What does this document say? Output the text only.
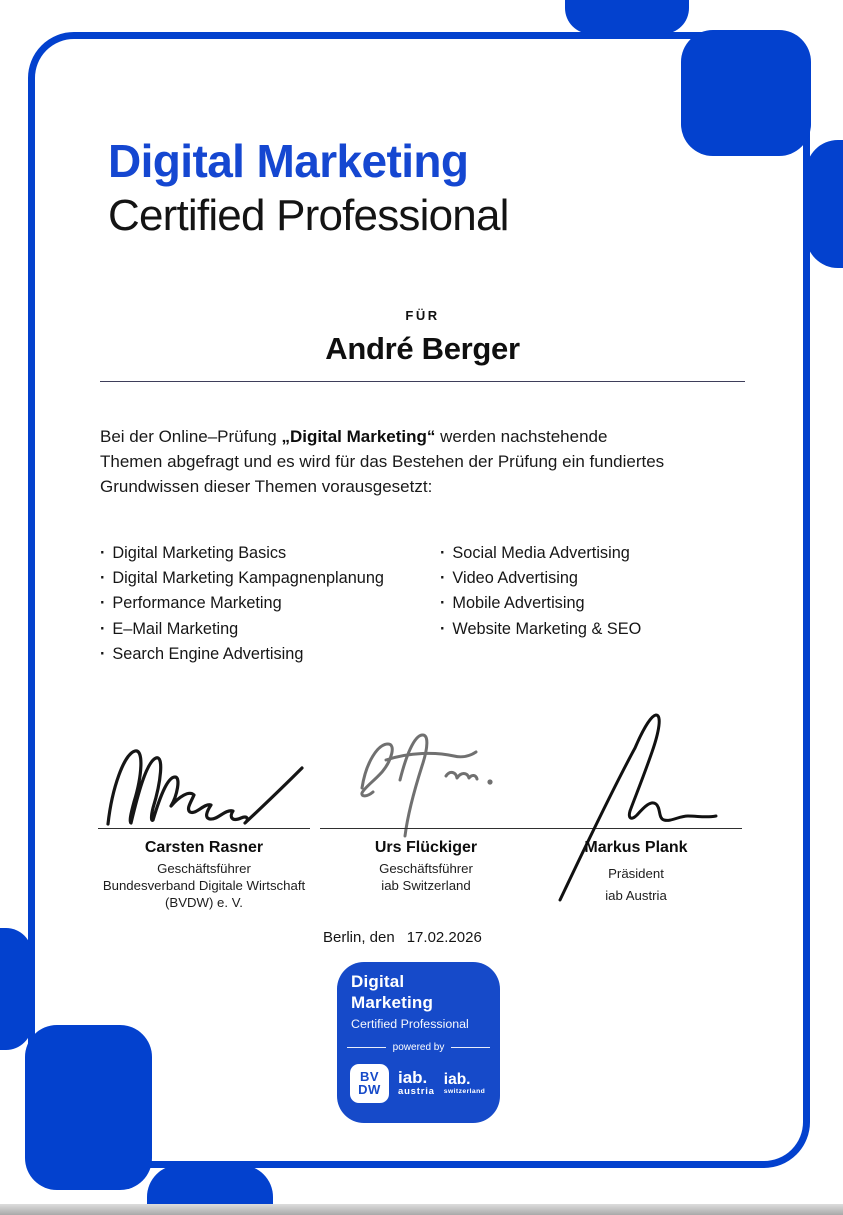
Digital Marketing
Certified Professional
FÜR
André Berger
Bei der Online–Prüfung „Digital Marketing“ werden nachstehende
Themen abgefragt und es wird für das Bestehen der Prüfung ein fundiertes
Grundwissen dieser Themen vorausgesetzt:
· Digital Marketing Basics
· Digital Marketing Kampagnenplanung
· Performance Marketing
· E–Mail Marketing
· Search Engine Advertising
· Social Media Advertising
· Video Advertising
· Mobile Advertising
· Website Marketing & SEO
Carsten Rasner
Geschäftsführer
Bundesverband Digitale Wirtschaft
(BVDW) e. V.
Urs Flückiger
Geschäftsführer
iab Switzerland
Markus Plank
Präsident
iab Austria
Berlin, den 17.02.2026
Digital
Marketing
Certified Professional
powered by
BV
DW
iab.
austria
iab.
switzerland
